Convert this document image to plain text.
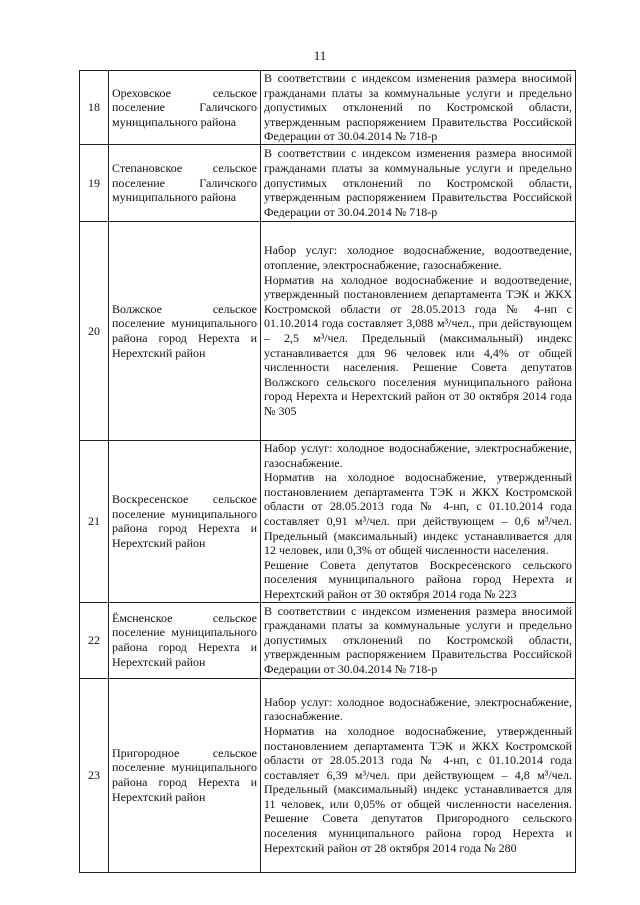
11
18	Ореховское сельское поселение Галичского муниципального района	В соответствии с индексом изменения размера вносимой гражданами платы за коммунальные услуги и предельно допустимых отклонений по Костромской области, утвержденным распоряжением Правительства Российской Федерации от 30.04.2014 № 718-р

19	Степановское сельское поселение Галичского муниципального района	В соответствии с индексом изменения размера вносимой гражданами платы за коммунальные услуги и предельно допустимых отклонений по Костромской области, утвержденным распоряжением Правительства Российской Федерации от 30.04.2014 № 718-р

20	Волжское сельское поселение муниципального района город Нерехта и Нерехтский район	Набор услуг: холодное водоснабжение, водоотведение, отопление, электроснабжение, газоснабжение.
Норматив на холодное водоснабжение и водоотведение, утвержденный постановлением департамента ТЭК и ЖКХ Костромской области от 28.05.2013 года № 4-нп с 01.10.2014 года составляет 3,088 м³/чел., при действующем – 2,5 м³/чел. Предельный (максимальный) индекс устанавливается для 96 человек или 4,4% от общей численности населения. Решение Совета депутатов Волжского сельского поселения муниципального района город Нерехта и Нерехтский район от 30 октября 2014 года № 305

21	Воскресенское сельское поселение муниципального района город Нерехта и Нерехтский район	Набор услуг: холодное водоснабжение, электроснабжение, газоснабжение.
Норматив на холодное водоснабжение, утвержденный постановлением департамента ТЭК и ЖКХ Костромской области от 28.05.2013 года № 4-нп, с 01.10.2014 года составляет 0,91 м³/чел. при действующем – 0,6 м³/чел. Предельный (максимальный) индекс устанавливается для 12 человек, или 0,3% от общей численности населения.
Решение Совета депутатов Воскресенского сельского поселения муниципального района город Нерехта и Нерехтский район от 30 октября 2014 года № 223

22	Ёмсненское сельское поселение муниципального района город Нерехта и Нерехтский район	В соответствии с индексом изменения размера вносимой гражданами платы за коммунальные услуги и предельно допустимых отклонений по Костромской области, утвержденным распоряжением Правительства Российской Федерации от 30.04.2014 № 718-р

23	Пригородное сельское поселение муниципального района город Нерехта и Нерехтский район	Набор услуг: холодное водоснабжение, электроснабжение, газоснабжение.
Норматив на холодное водоснабжение, утвержденный постановлением департамента ТЭК и ЖКХ Костромской области от 28.05.2013 года № 4-нп, с 01.10.2014 года составляет 6,39 м³/чел. при действующем – 4,8 м³/чел. Предельный (максимальный) индекс устанавливается для 11 человек, или 0,05% от общей численности населения. Решение Совета депутатов Пригородного сельского поселения муниципального района город Нерехта и Нерехтский район от 28 октября 2014 года № 280
